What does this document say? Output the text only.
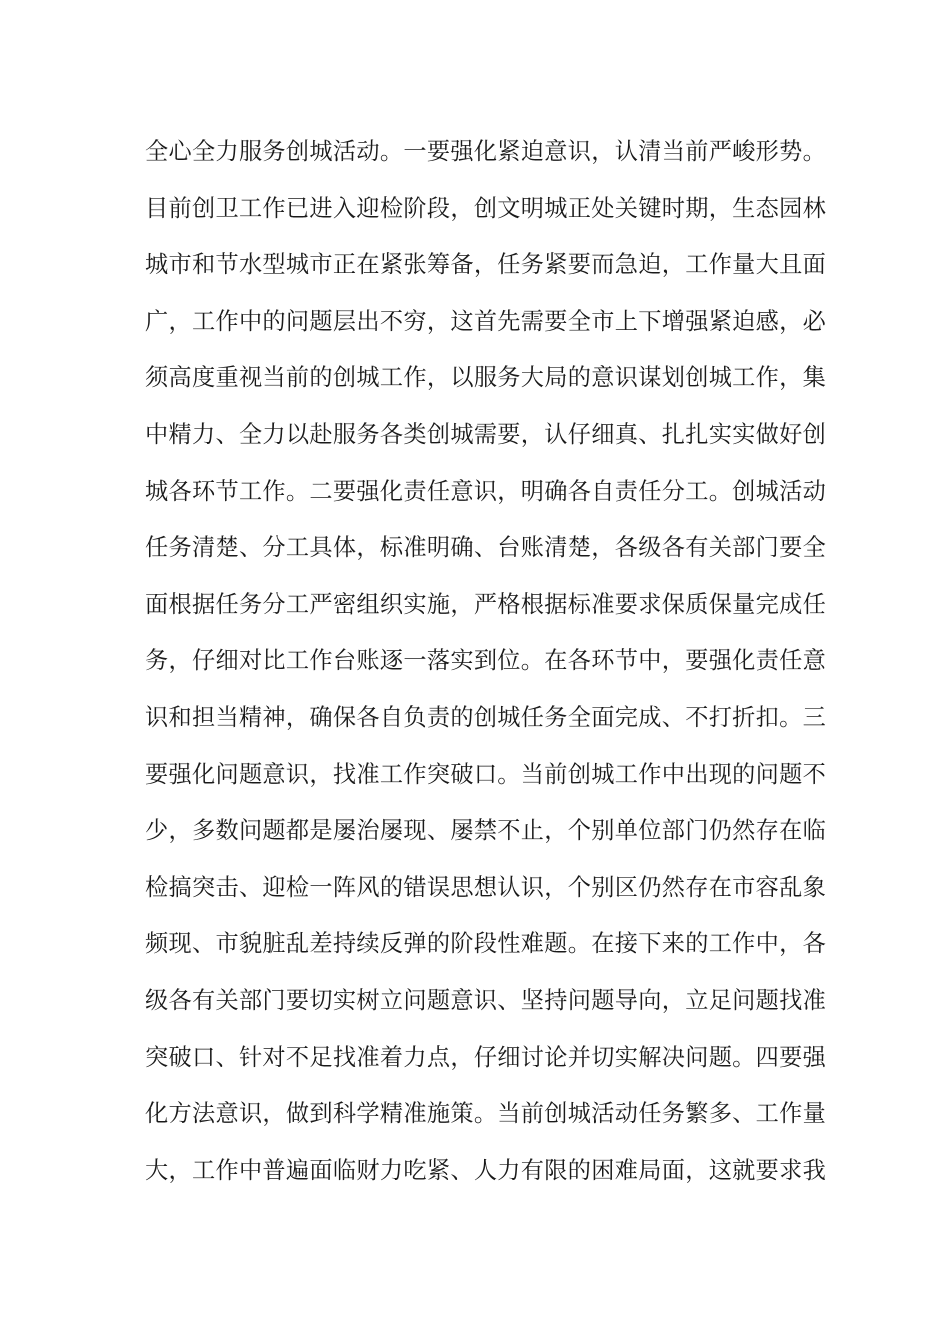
全心全力服务创城活动。一要强化紧迫意识，认清当前严峻形势。
目前创卫工作已进入迎检阶段，创文明城正处关键时期，生态园林
城市和节水型城市正在紧张筹备，任务紧要而急迫，工作量大且面
广，工作中的问题层出不穷，这首先需要全市上下增强紧迫感，必
须高度重视当前的创城工作，以服务大局的意识谋划创城工作，集
中精力、全力以赴服务各类创城需要，认仔细真、扎扎实实做好创
城各环节工作。二要强化责任意识，明确各自责任分工。创城活动
任务清楚、分工具体，标准明确、台账清楚，各级各有关部门要全
面根据任务分工严密组织实施，严格根据标准要求保质保量完成任
务，仔细对比工作台账逐一落实到位。在各环节中，要强化责任意
识和担当精神，确保各自负责的创城任务全面完成、不打折扣。三
要强化问题意识，找准工作突破口。当前创城工作中出现的问题不
少，多数问题都是屡治屡现、屡禁不止，个别单位部门仍然存在临
检搞突击、迎检一阵风的错误思想认识，个别区仍然存在市容乱象
频现、市貌脏乱差持续反弹的阶段性难题。在接下来的工作中，各
级各有关部门要切实树立问题意识、坚持问题导向，立足问题找准
突破口、针对不足找准着力点，仔细讨论并切实解决问题。四要强
化方法意识，做到科学精准施策。当前创城活动任务繁多、工作量
大，工作中普遍面临财力吃紧、人力有限的困难局面，这就要求我
